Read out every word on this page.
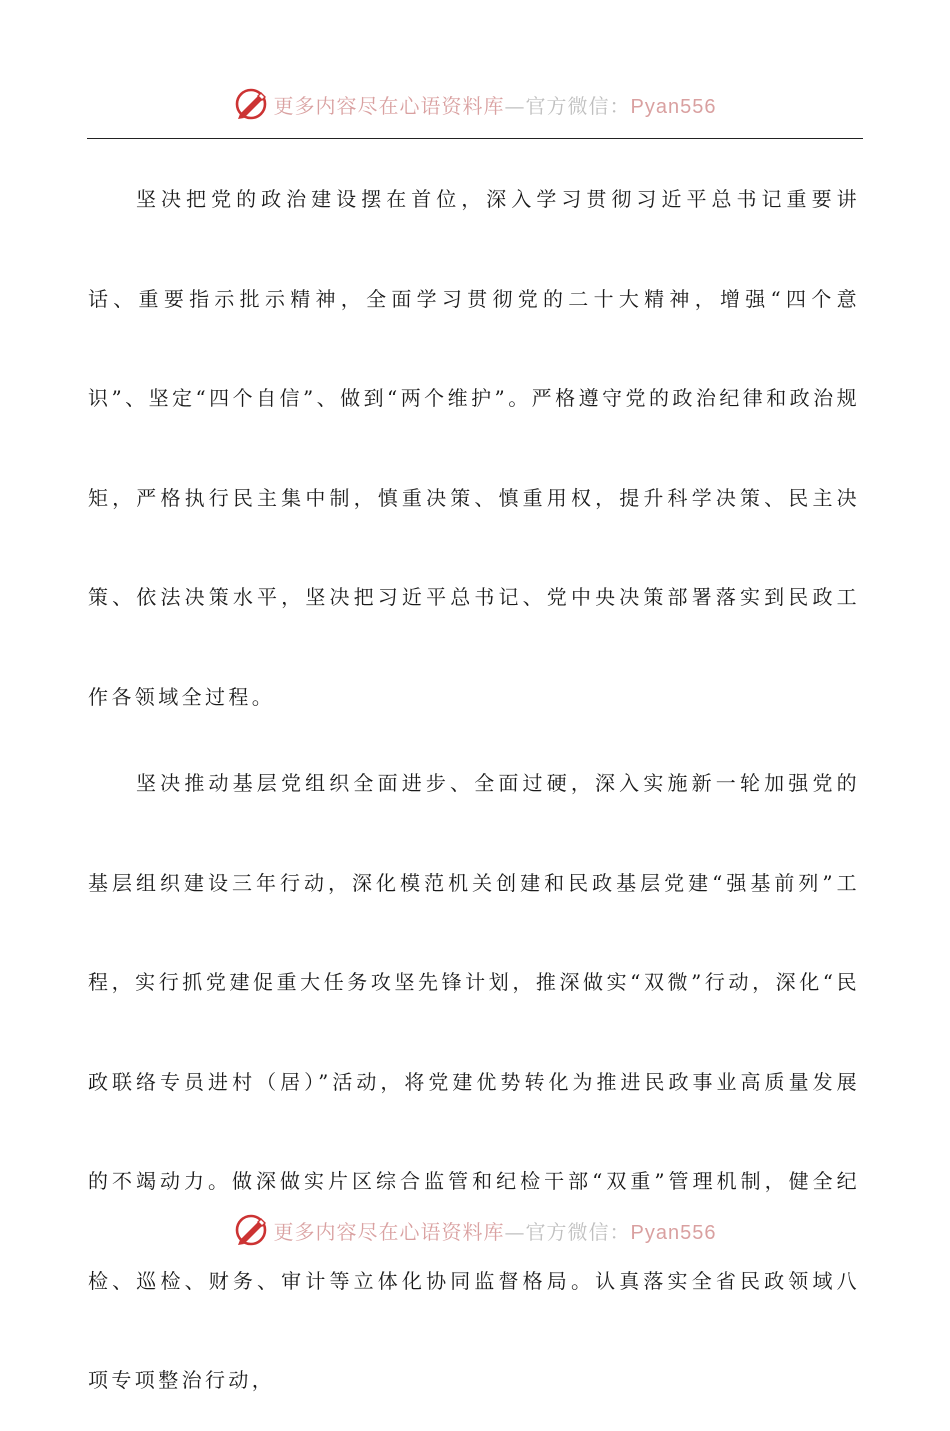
更多内容尽在心语资料库—官方微信：Pyan556

坚决把党的政治建设摆在首位，深入学习贯彻习近平总书记重要讲话、重要指示批示精神，全面学习贯彻党的二十大精神，增强“四个意识”、坚定“四个自信”、做到“两个维护”。严格遵守党的政治纪律和政治规矩，严格执行民主集中制，慎重决策、慎重用权，提升科学决策、民主决策、依法决策水平，坚决把习近平总书记、党中央决策部署落实到民政工作各领域全过程。

坚决推动基层党组织全面进步、全面过硬，深入实施新一轮加强党的基层组织建设三年行动，深化模范机关创建和民政基层党建“强基前列”工程，实行抓党建促重大任务攻坚先锋计划，推深做实“双微”行动，深化“民政联络专员进村（居）”活动，将党建优势转化为推进民政事业高质量发展的不竭动力。做深做实片区综合监管和纪检干部“双重”管理机制，健全纪检、巡检、财务、审计等立体化协同监督格局。认真落实全省民政领域八项专项整治行动，

更多内容尽在心语资料库—官方微信：Pyan556
